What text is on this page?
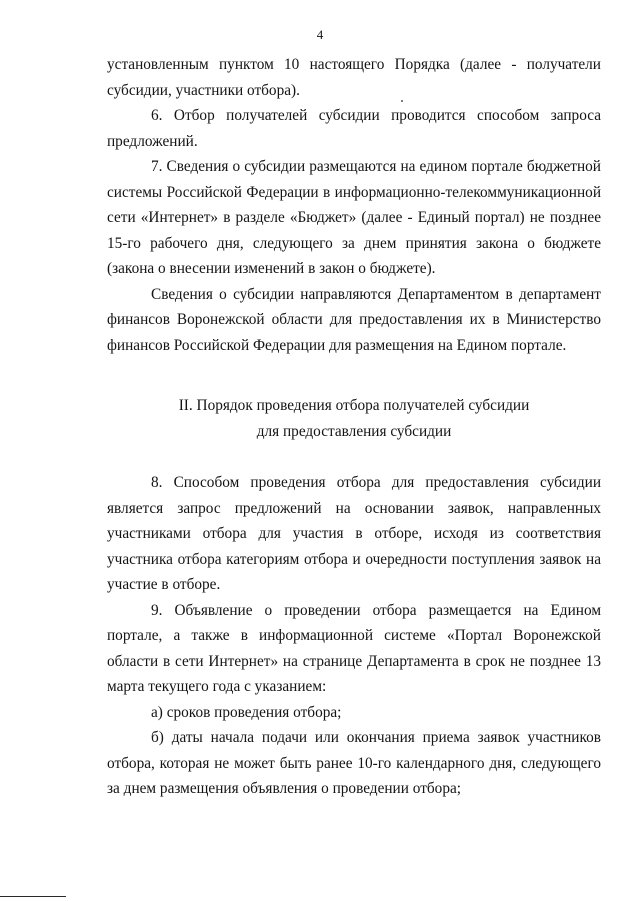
4

установленным пунктом 10 настоящего Порядка (далее - получатели субсидии, участники отбора).

6. Отбор получателей субсидии проводится способом запроса предложений.

7. Сведения о субсидии размещаются на едином портале бюджетной системы Российской Федерации в информационно-телекоммуникационной сети «Интернет» в разделе «Бюджет» (далее - Единый портал) не позднее 15-го рабочего дня, следующего за днем принятия закона о бюджете (закона о внесении изменений в закон о бюджете).

Сведения о субсидии направляются Департаментом в департамент финансов Воронежской области для предоставления их в Министерство финансов Российской Федерации для размещения на Едином портале.

II. Порядок проведения отбора получателей субсидии

для предоставления субсидии

8. Способом проведения отбора для предоставления субсидии является запрос предложений на основании заявок, направленных участниками отбора для участия в отборе, исходя из соответствия участника отбора категориям отбора и очередности поступления заявок на участие в отборе.

9. Объявление о проведении отбора размещается на Едином портале, а также в информационной системе «Портал Воронежской области в сети Интернет» на странице Департамента в срок не позднее 13 марта текущего года с указанием:

а) сроков проведения отбора;

б) даты начала подачи или окончания приема заявок участников отбора, которая не может быть ранее 10-го календарного дня, следующего за днем размещения объявления о проведении отбора;
